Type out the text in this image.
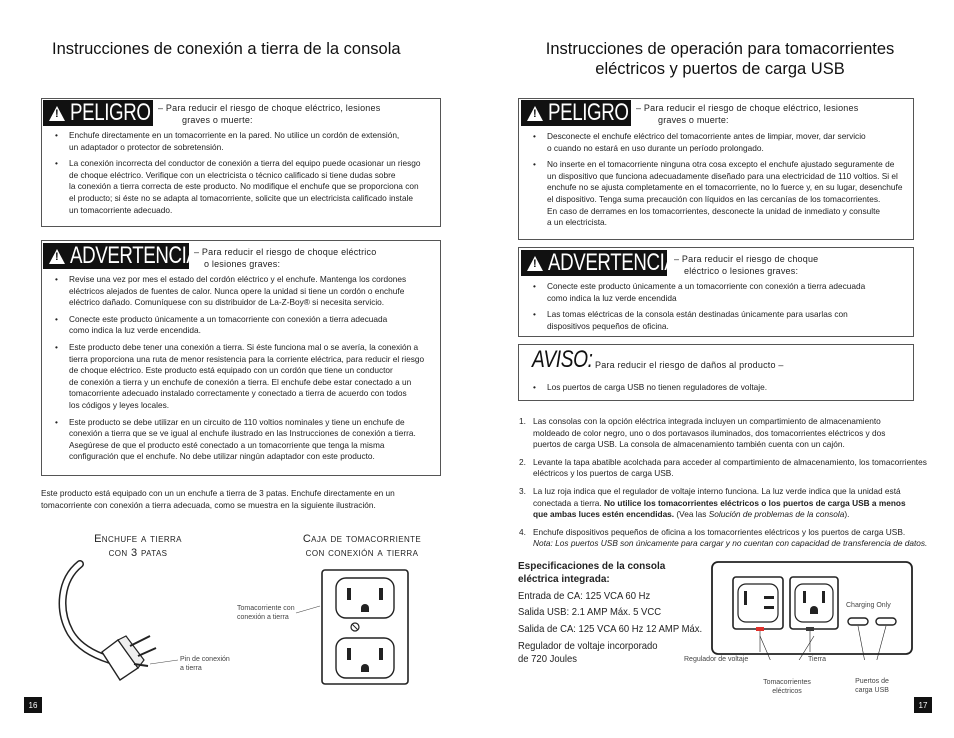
Instrucciones de conexión a tierra de la consola
!
PELIGRO – Para reducir el riesgo de choque eléctrico, lesiones
graves o muerte:
• Enchufe directamente en un tomacorriente en la pared. No utilice un cordón de extensión,
un adaptador o protector de sobretensión.
• La conexión incorrecta del conductor de conexión a tierra del equipo puede ocasionar un riesgo
de choque eléctrico. Verifique con un electricista o técnico calificado si tiene dudas sobre
la conexión a tierra correcta de este producto. No modifique el enchufe que se proporciona con
el producto; si éste no se adapta al tomacorriente, solicite que un electricista calificado instale
un tomacorriente adecuado.
!
ADVERTENCIA
– Para reducir el riesgo de choque eléctrico
o lesiones graves:
• Revise una vez por mes el estado del cordón eléctrico y el enchufe. Mantenga los cordones
eléctricos alejados de fuentes de calor. Nunca opere la unidad si tiene un cordón o enchufe
eléctrico dañado. Comuníquese con su distribuidor de La-Z-Boy® si necesita servicio.
• Conecte este producto únicamente a un tomacorriente con conexión a tierra adecuada
como indica la luz verde encendida.
• Este producto debe tener una conexión a tierra. Si éste funciona mal o se avería, la conexión a
tierra proporciona una ruta de menor resistencia para la corriente eléctrica, para reducir el riesgo
de choque eléctrico. Este producto está equipado con un cordón que tiene un conductor
de conexión a tierra y un enchufe de conexión a tierra. El enchufe debe estar conectado a un
tomacorriente adecuado instalado correctamente y conectado a tierra de acuerdo con todos
los códigos y leyes locales.
• Este producto se debe utilizar en un circuito de 110 voltios nominales y tiene un enchufe de
conexión a tierra que se ve igual al enchufe ilustrado en las Instrucciones de conexión a tierra.
Asegúrese de que el producto esté conectado a un tomacorriente que tenga la misma
configuración que el enchufe. No debe utilizar ningún adaptador con este producto.
Este producto está equipado con un un enchufe a tierra de 3 patas. Enchufe directamente en un
tomacorriente con conexión a tierra adecuada, como se muestra en la siguiente ilustración.
Enchufe a tierra
con 3 patas
Caja de tomacorriente
con conexión a tierra
Pin de conexión
a tierra
Tomacorriente con
conexión a tierra
16
Instrucciones de operación para tomacorrientes
eléctricos y puertos de carga USB
!
PELIGRO – Para reducir el riesgo de choque eléctrico, lesiones
graves o muerte:
• Desconecte el enchufe eléctrico del tomacorriente antes de limpiar, mover, dar servicio
o cuando no estará en uso durante un período prolongado.
• No inserte en el tomacorriente ninguna otra cosa excepto el enchufe ajustado seguramente de
un dispositivo que funciona adecuadamente diseñado para una electricidad de 110 voltios. Si el
enchufe no se ajusta completamente en el tomacorriente, no lo fuerce y, en su lugar, desenchufe
el dispositivo. Tenga suma precaución con líquidos en las cercanías de los tomacorrientes.
En caso de derrames en los tomacorrientes, desconecte la unidad de inmediato y consulte
a un electricista.
!
ADVERTENCIA
– Para reducir el riesgo de choque
eléctrico o lesiones graves:
• Conecte este producto únicamente a un tomacorriente con conexión a tierra adecuada
como indica la luz verde encendida
• Las tomas eléctricas de la consola están destinadas únicamente para usarlas con
dispositivos pequeños de oficina.
AVISO: Para reducir el riesgo de daños al producto –
• Los puertos de carga USB no tienen reguladores de voltaje.
1. Las consolas con la opción eléctrica integrada incluyen un compartimiento de almacenamiento
moldeado de color negro, uno o dos portavasos iluminados, dos tomacorrientes eléctricos y dos
puertos de carga USB. La consola de almacenamiento también cuenta con un cajón.
2. Levante la tapa abatible acolchada para acceder al compartimiento de almacenamiento, los tomacorrientes
eléctricos y los puertos de carga USB.
3. La luz roja indica que el regulador de voltaje interno funciona. La luz verde indica que la unidad está
conectada a tierra. No utilice los tomacorrientes eléctricos o los puertos de carga USB a menos
que ambas luces estén encendidas. (Vea las Solución de problemas de la consola).
4. Enchufe dispositivos pequeños de oficina a los tomacorrientes eléctricos y los puertos de carga USB.
Nota: Los puertos USB son únicamente para cargar y no cuentan con capacidad de transferencia de datos.
Especificaciones de la consola
eléctrica integrada:
Entrada de CA: 125 VCA 60 Hz
Salida USB: 2.1 AMP Máx. 5 VCC
Salida de CA: 125 VCA 60 Hz 12 AMP Máx.
Regulador de voltaje incorporado
de 720 Joules
Charging Only
Regulador de voltaje	Tierra
Tomacorrientes
eléctricos
Puertos de
carga USB
17
